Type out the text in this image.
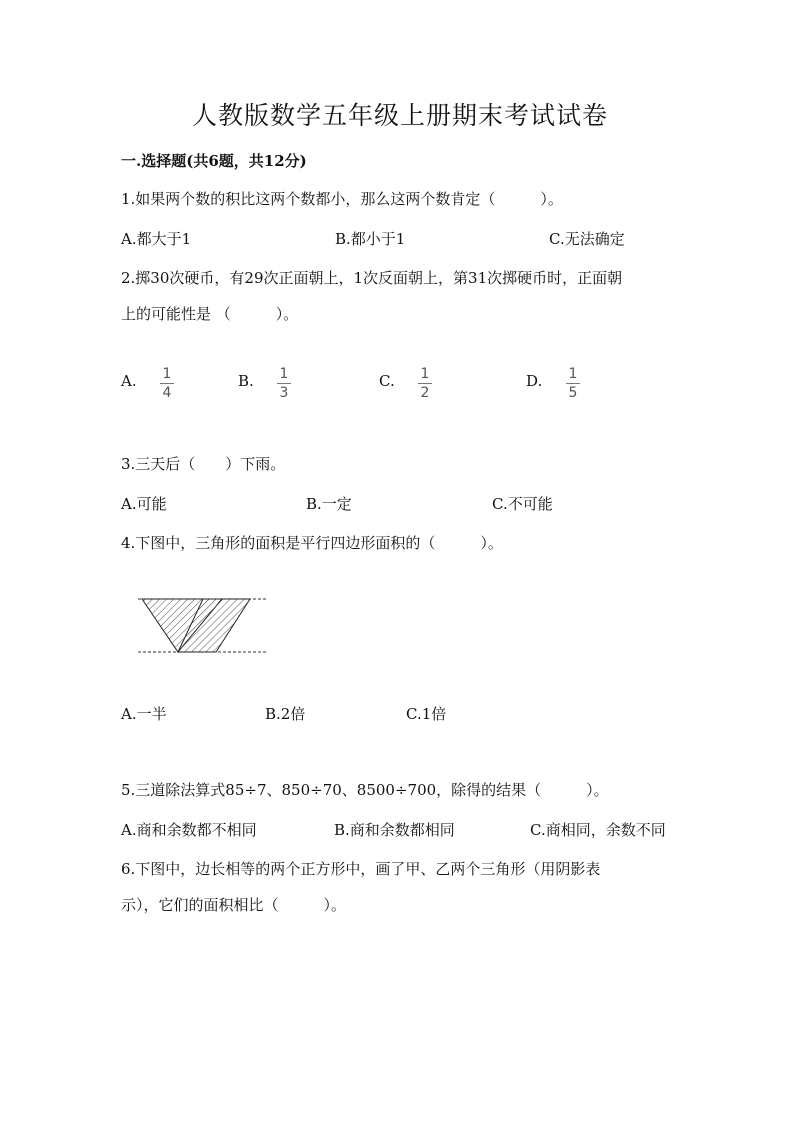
人教版数学五年级上册期末考试试卷
一.选择题(共6题，共12分)
1.如果两个数的积比这两个数都小，那么这两个数肯定（　　　）。
A.都大于1	B.都小于1	C.无法确定
2.掷30次硬币，有29次正面朝上，1次反面朝上，第31次掷硬币时，正面朝
上的可能性是 （　　　）。
A.	1
4
B.	1
3
C.	1
2
D.	1
5
3.三天后（　　）下雨。
A.可能	B.一定	C.不可能
4.下图中，三角形的面积是平行四边形面积的（　　　）。
A.一半	B.2倍	C.1倍
5.三道除法算式85÷7、850÷70、8500÷700，除得的结果（　　　）。
A.商和余数都不相同	B.商和余数都相同	C.商相同，余数不同
6.下图中，边长相等的两个正方形中，画了甲、乙两个三角形（用阴影表
示），它们的面积相比（　　　）。
